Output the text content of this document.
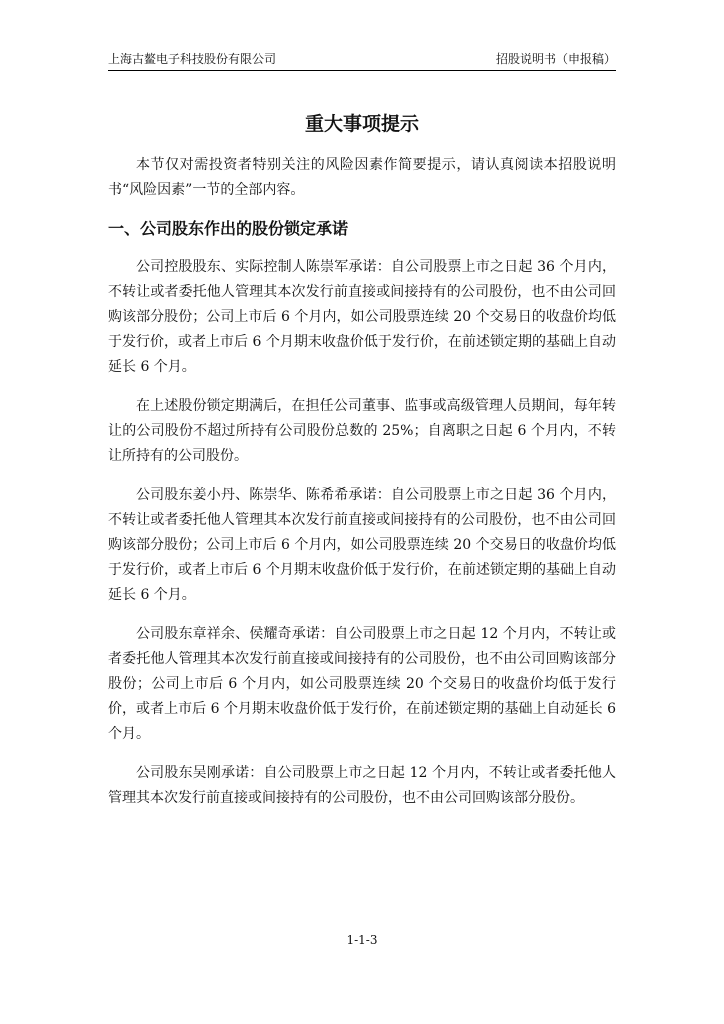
上海古鳌电子科技股份有限公司	招股说明书（申报稿）
重大事项提示

本节仅对需投资者特别关注的风险因素作简要提示，请认真阅读本招股说明书“风险因素”一节的全部内容。

一、公司股东作出的股份锁定承诺

公司控股股东、实际控制人陈崇军承诺：自公司股票上市之日起 36 个月内，不转让或者委托他人管理其本次发行前直接或间接持有的公司股份，也不由公司回购该部分股份；公司上市后 6 个月内，如公司股票连续 20 个交易日的收盘价均低于发行价，或者上市后 6 个月期末收盘价低于发行价，在前述锁定期的基础上自动延长 6 个月。

在上述股份锁定期满后，在担任公司董事、监事或高级管理人员期间，每年转让的公司股份不超过所持有公司股份总数的 25%；自离职之日起 6 个月内，不转让所持有的公司股份。

公司股东姜小丹、陈崇华、陈希希承诺：自公司股票上市之日起 36 个月内，不转让或者委托他人管理其本次发行前直接或间接持有的公司股份，也不由公司回购该部分股份；公司上市后 6 个月内，如公司股票连续 20 个交易日的收盘价均低于发行价，或者上市后 6 个月期末收盘价低于发行价，在前述锁定期的基础上自动延长 6 个月。

公司股东章祥余、侯耀奇承诺：自公司股票上市之日起 12 个月内，不转让或者委托他人管理其本次发行前直接或间接持有的公司股份，也不由公司回购该部分股份；公司上市后 6 个月内，如公司股票连续 20 个交易日的收盘价均低于发行价，或者上市后 6 个月期末收盘价低于发行价，在前述锁定期的基础上自动延长 6 个月。

公司股东吴刚承诺：自公司股票上市之日起 12 个月内，不转让或者委托他人管理其本次发行前直接或间接持有的公司股份，也不由公司回购该部分股份。

1-1-3
